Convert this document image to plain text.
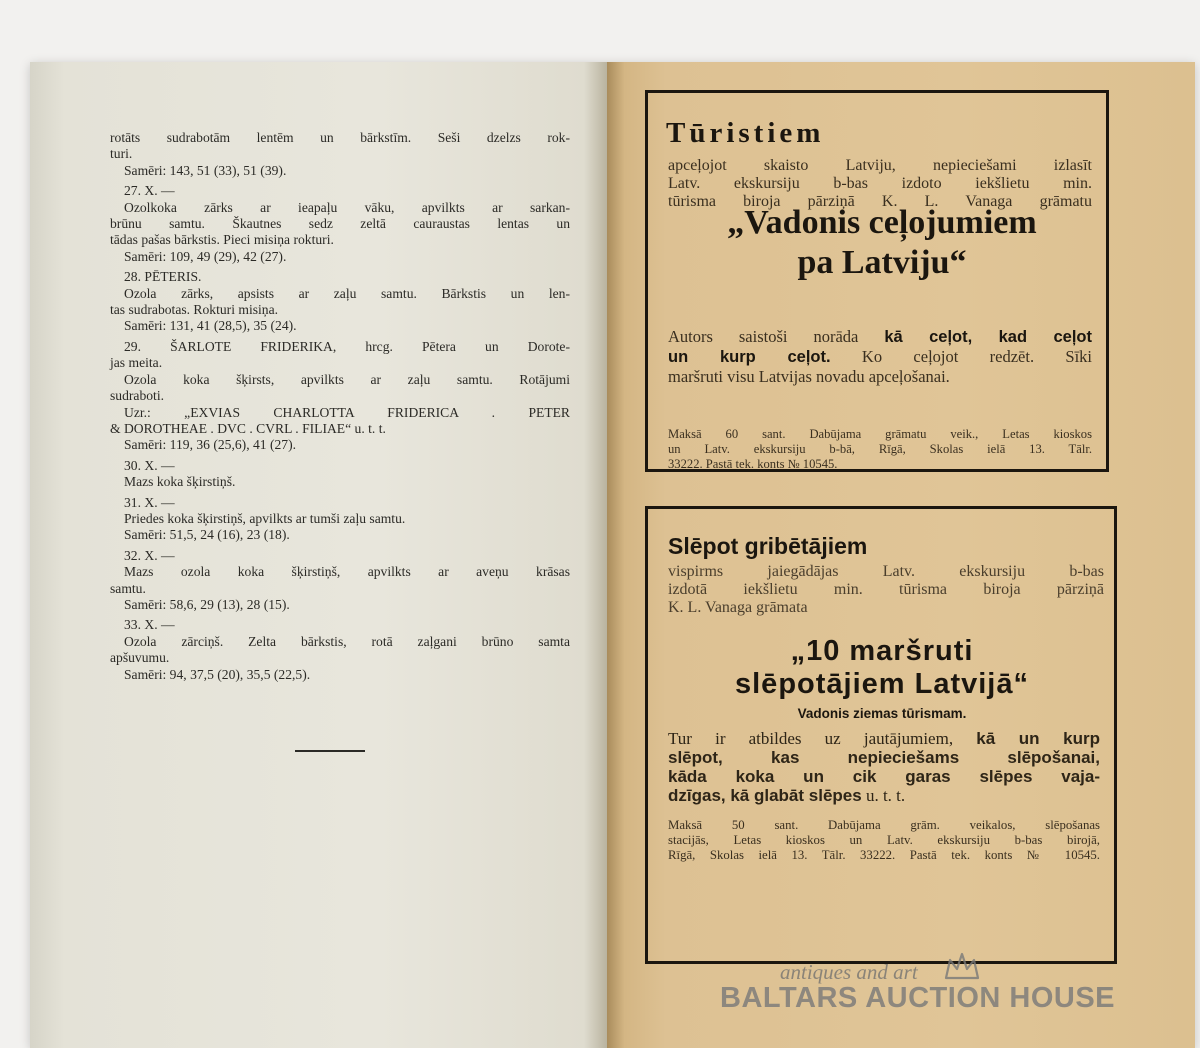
rotāts sudrabotām lentēm un bārkstīm. Seši dzelzs rok-
turi.
Samēri: 143, 51 (33), 51 (39).
27. X. —
Ozolkoka zārks ar ieapaļu vāku, apvilkts ar sarkan-
brūnu samtu. Škautnes sedz zeltā cauraustas lentas un
tādas pašas bārkstis. Pieci misiņa rokturi.
Samēri: 109, 49 (29), 42 (27).
28. PĒTERIS.
Ozola zārks, apsists ar zaļu samtu. Bārkstis un len-
tas sudrabotas. Rokturi misiņa.
Samēri: 131, 41 (28,5), 35 (24).
29. ŠARLOTE FRIDERIKA, hrcg. Pētera un Dorote-
jas meita.
Ozola koka šķirsts, apvilkts ar zaļu samtu. Rotājumi
sudraboti.
Uzr.: „EXVIAS CHARLOTTA FRIDERICA . PETER
& DOROTHEAE . DVC . CVRL . FILIAE“ u. t. t.
Samēri: 119, 36 (25,6), 41 (27).
30. X. —
Mazs koka šķirstiņš.
31. X. —
Priedes koka šķirstiņš, apvilkts ar tumši zaļu samtu.
Samēri: 51,5, 24 (16), 23 (18).
32. X. —
Mazs ozola koka šķirstiņš, apvilkts ar aveņu krāsas
samtu.
Samēri: 58,6, 29 (13), 28 (15).
33. X. —
Ozola zārciņš. Zelta bārkstis, rotā zaļgani brūno samta
apšuvumu.
Samēri: 94, 37,5 (20), 35,5 (22,5).
Tūristiem
apceļojot skaisto Latviju, nepieciešami izlasīt
Latv. ekskursiju b-bas izdoto iekšlietu min.
tūrisma biroja pārziņā K. L. Vanaga grāmatu
„Vadonis ceļojumiem
pa Latviju“
Autors saistoši norāda kā ceļot, kad ceļot
un kurp ceļot. Ko ceļojot redzēt. Sīki
maršruti visu Latvijas novadu apceļošanai.
Maksā 60 sant. Dabūjama grāmatu veik., Letas kioskos
un Latv. ekskursiju b-bā, Rīgā, Skolas ielā 13. Tālr.
33222. Pastā tek. konts № 10545.
Slēpot gribētājiem
vispirms jaiegādājas Latv. ekskursiju b-bas
izdotā iekšlietu min. tūrisma biroja pārziņā
K. L. Vanaga grāmata
„10 maršruti
slēpotājiem Latvijā“
Vadonis ziemas tūrismam.
Tur ir atbildes uz jautājumiem, kā un kurp
slēpot, kas nepieciešams slēpošanai,
kāda koka un cik garas slēpes vaja-
dzīgas, kā glabāt slēpes u. t. t.
Maksā 50 sant. Dabūjama grām. veikalos, slēpošanas
stacijās, Letas kioskos un Latv. ekskursiju b-bas birojā,
Rīgā, Skolas ielā 13. Tālr. 33222. Pastā tek. konts № 10545.
antiques and art
BALTARS AUCTION HOUSE
